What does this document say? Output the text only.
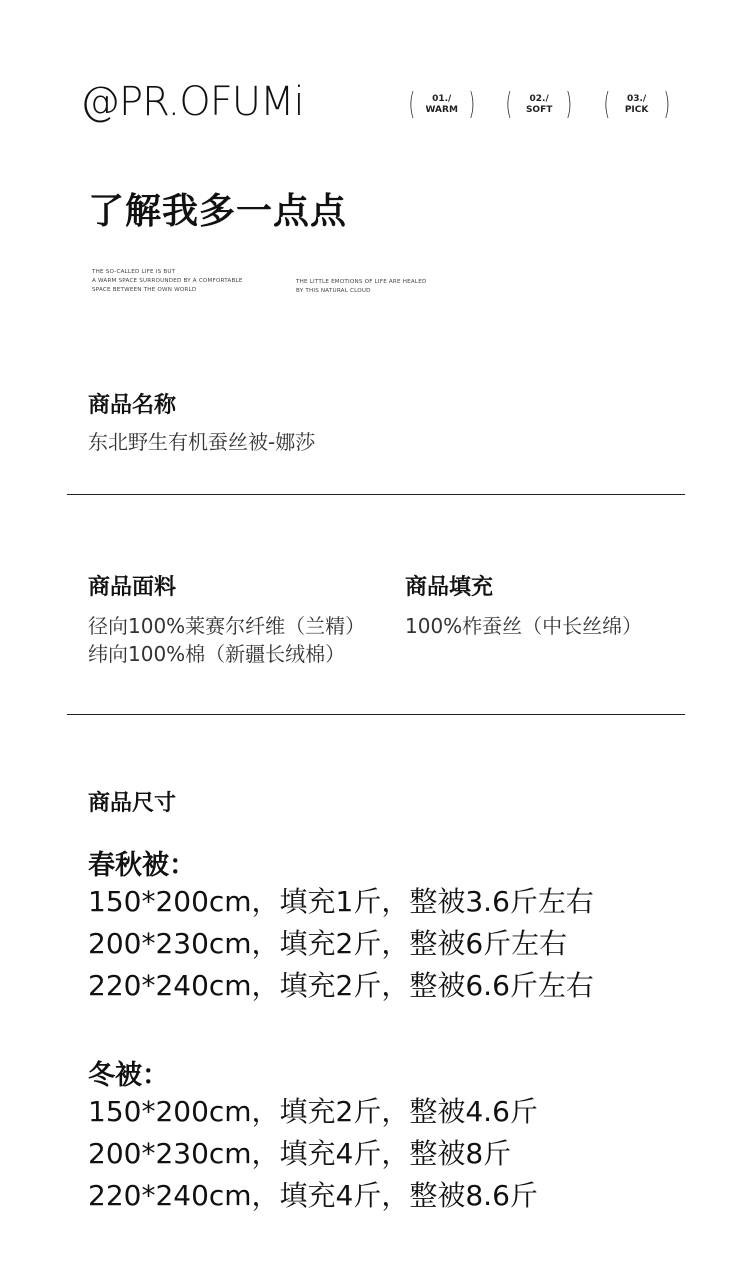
@PR.OFUMi	( 01./
WARM ) ( 02./
SOFT ) ( 03./
PICK )
了解我多一点点
THE SO-CALLED LIFE IS BUT
A WARM SPACE SURROUNDED BY A COMFORTABLE
SPACE BETWEEN THE OWN WORLD
THE LITTLE EMOTIONS OF LIFE ARE HEALED
BY THIS NATURAL CLOUD
商品名称
东北野生有机蚕丝被-娜莎
商品面料
径向100%莱赛尔纤维（兰精）
纬向100%棉（新疆长绒棉）
商品填充
100%柞蚕丝（中长丝绵）
商品尺寸
春秋被：
150*200cm，填充1斤，整被3.6斤左右
200*230cm，填充2斤，整被6斤左右
220*240cm，填充2斤，整被6.6斤左右
冬被：
150*200cm，填充2斤，整被4.6斤
200*230cm，填充4斤，整被8斤
220*240cm，填充4斤，整被8.6斤
